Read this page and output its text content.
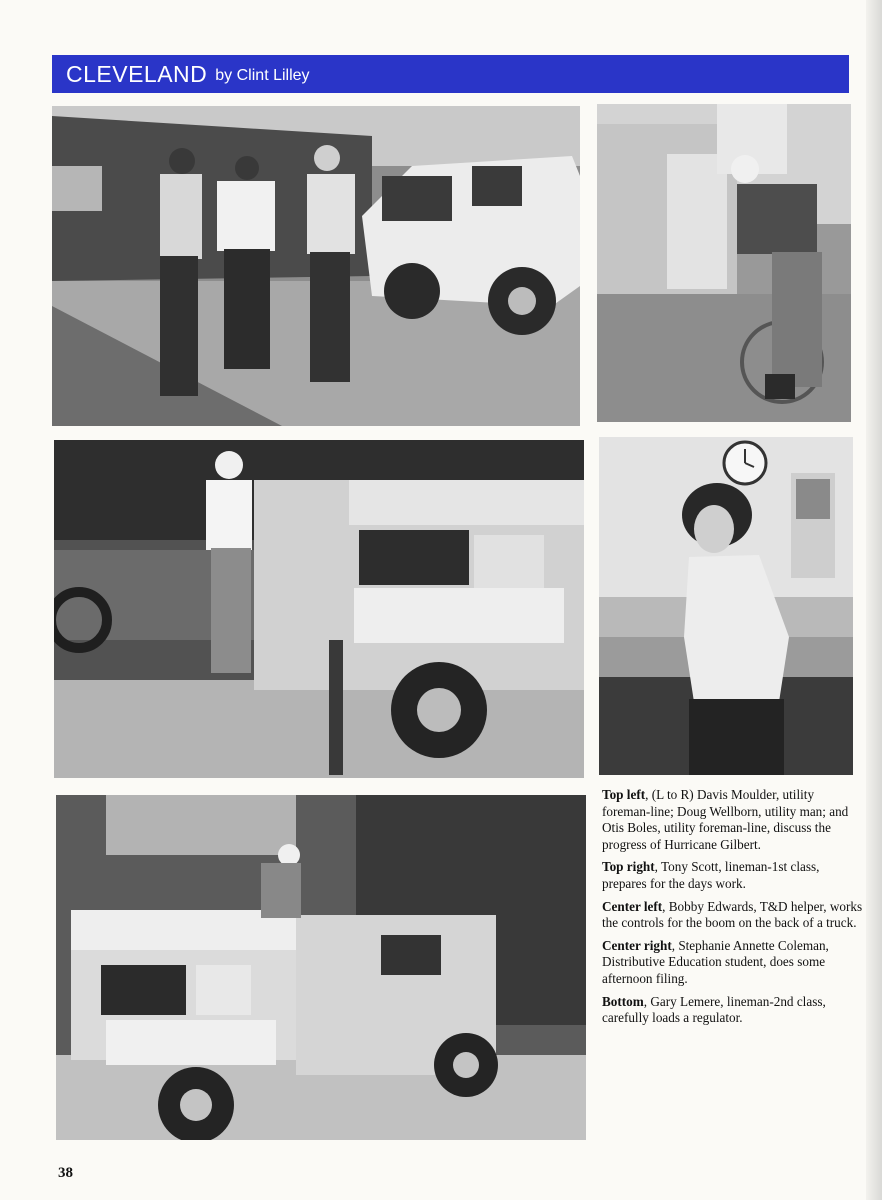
CLEVELAND by Clint Lilley

Top left, (L to R) Davis Moulder, utility foreman-line; Doug Wellborn, utility man; and Otis Boles, utility foreman-line, discuss the progress of Hurricane Gilbert.

Top right, Tony Scott, lineman-1st class, prepares for the days work.

Center left, Bobby Edwards, T&D helper, works the controls for the boom on the back of a truck.

Center right, Stephanie Annette Coleman, Distributive Education student, does some afternoon filing.

Bottom, Gary Lemere, lineman-2nd class, carefully loads a regulator.

38
